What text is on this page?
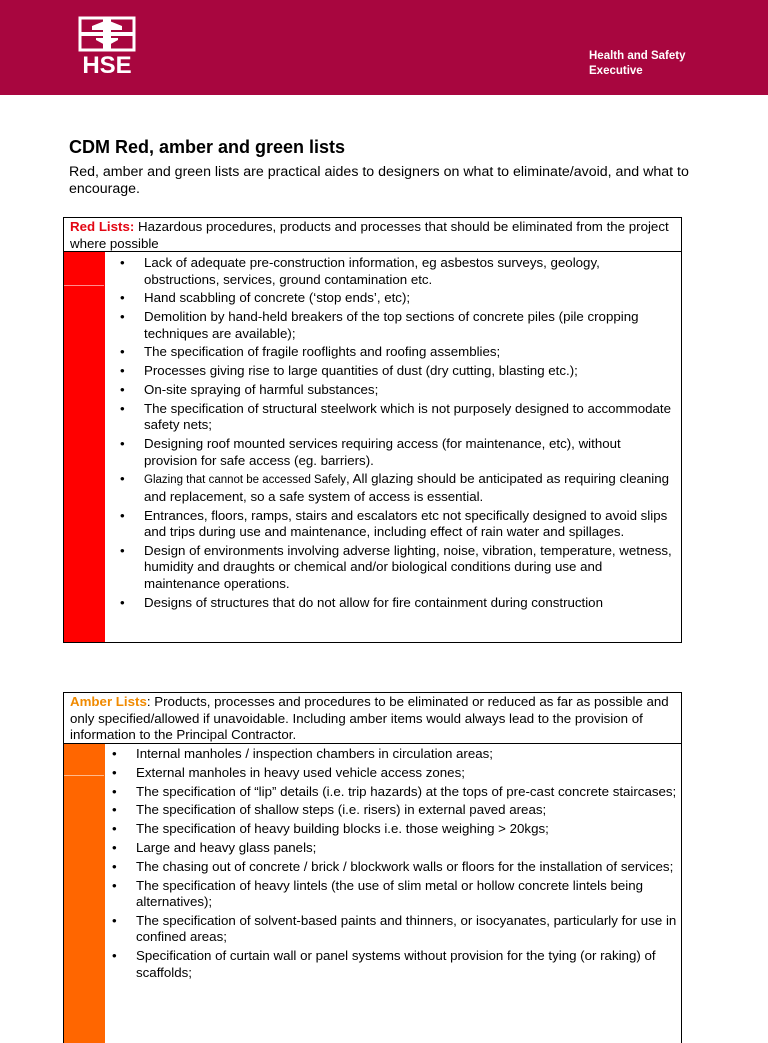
HSE	Health and Safety
Executive
CDM Red, amber and green lists

Red, amber and green lists are practical aides to designers on what to eliminate/avoid, and what to encourage.

Red Lists: Hazardous procedures, products and processes that should be eliminated from the project where possible
• Lack of adequate pre-construction information, eg asbestos surveys, geology, obstructions, services, ground contamination etc.
• Hand scabbling of concrete (‘stop ends’, etc);
• Demolition by hand-held breakers of the top sections of concrete piles (pile cropping techniques are available);
• The specification of fragile rooflights and roofing assemblies;
• Processes giving rise to large quantities of dust (dry cutting, blasting etc.);
• On-site spraying of harmful substances;
• The specification of structural steelwork which is not purposely designed to accommodate safety nets;
• Designing roof mounted services requiring access (for maintenance, etc), without provision for safe access (eg. barriers).
• Glazing that cannot be accessed Safely, All glazing should be anticipated as requiring cleaning and replacement, so a safe system of access is essential.
• Entrances, floors, ramps, stairs and escalators etc not specifically designed to avoid slips and trips during use and maintenance, including effect of rain water and spillages.
• Design of environments involving adverse lighting, noise, vibration, temperature, wetness, humidity and draughts or chemical and/or biological conditions during use and maintenance operations.
• Designs of structures that do not allow for fire containment during construction
Amber Lists: Products, processes and procedures to be eliminated or reduced as far as possible and only specified/allowed if unavoidable. Including amber items would always lead to the provision of information to the Principal Contractor.
• Internal manholes / inspection chambers in circulation areas;
• External manholes in heavy used vehicle access zones;
• The specification of “lip” details (i.e. trip hazards) at the tops of pre-cast concrete staircases;
• The specification of shallow steps (i.e. risers) in external paved areas;
• The specification of heavy building blocks i.e. those weighing > 20kgs;
• Large and heavy glass panels;
• The chasing out of concrete / brick / blockwork walls or floors for the installation of services;
• The specification of heavy lintels (the use of slim metal or hollow concrete lintels being alternatives);
• The specification of solvent-based paints and thinners, or isocyanates, particularly for use in confined areas;
• Specification of curtain wall or panel systems without provision for the tying (or raking) of scaffolds;
